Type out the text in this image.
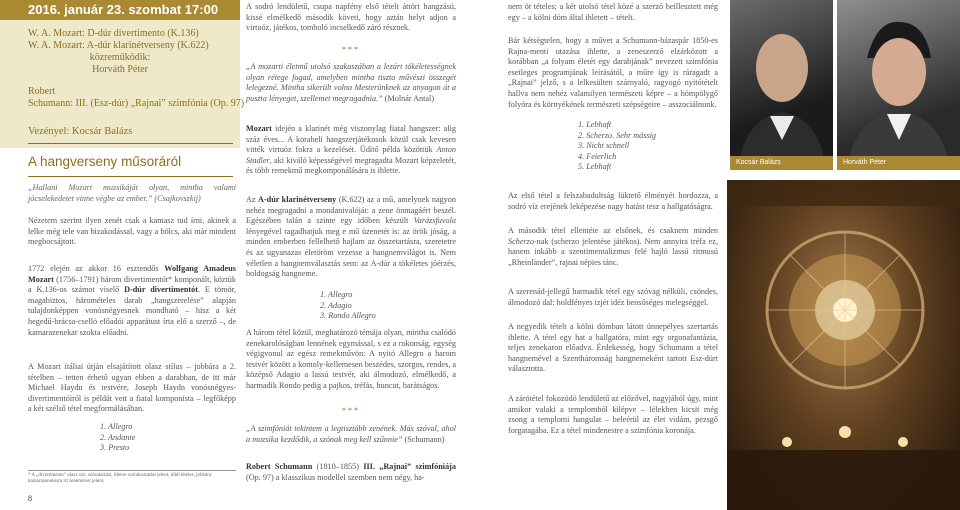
2016. január 23. szombat 17:00
W. A. Mozart: D-dúr divertimento (K.136)
W. A. Mozart: A-dúr klarinétverseny (K.622)
közreműködik:
Horváth Péter
Robert
Schumann: III. (Esz-dúr) „Rajnai” szimfónia (Op. 97)
Vezényel: Kocsár Balázs
A hangverseny műsoráról

„Hallani Mozart muzsikáját olyan, mintha valami jócselekedetet vinne végbe az ember.” (Csajkovszkij)

Nézetem szerint ilyen zenét csak a kamasz tud írni, akinek a lelke még tele van bizakodással, vagy a bölcs, aki már mindent megbocsájtott.

1772 elején az akkor 16 esztendős Wolfgang Amadeus Mozart (1756–1791) három divertimentót* komponált, köztük a K.136-os számot viselő D-dúr divertimentót. E tömör, magabiztos, háromételes darab „hangszerelése” alapján tulajdonképpen vonósnégyesnek mondható – hisz a két hegedű-brácsa-cselló előadói apparátust írta elő a szerző –, de kamarazenekar szokta előadni.

A Mozart itáliai útján elsajátított olasz stílus – jobbára a 2. tételben – tetten érhető ugyan ebben a darabban, de itt már Michael Haydn és testvére, Joseph Haydn vonósnégyes-divertimentóiról is példát vett a fiatal komponista – legfőképp a két szélső tétel megformálásában.

1. Allegro
2. Andante
3. Presto
* A „divertimento” olasz szó, szórakozást, illetve szórakoztatást jelent, több tételes, jobbára kamarazenekarra írt zeneművet jelent.
8

A sodró lendületű, csupa napfény első tételt áttört hangzású, kissé elmélkedő második követi, hogy aztán helyt adjon a virtuóz, játékos, tomboló incselkedő záró résznek.

***

„A mozarti életmű utolsó szakaszában a lezárt tökéletességnek olyan rétege fogad, amelyben mintha tiszta művészi összegét lelegezné. Mintha sikerült volna Mesterünknek az anyagon át a puszta lényeget, szellemet megragadnia.” (Molnár Antal)

Mozart idején a klarinét még viszonylag fiatal hangszer: alig száz éves... A korabeli hangszerjátékosok közül csak kevesen vitték virtuóz fokra a kezelését. Üdítő példa közöttük Anton Stadler, aki kiváló képességével megragadta Mozart képzeletét, és több remekmű megkomponálására is ihlette.

Az A-dúr klarinétverseny (K.622) az a mű, amelynek nagyon nehéz megragadni a mondanivalóját: a zene önmagáért beszél. Egészében talán a szinte egy időben készült Varázsfuvola lényegével ragadhatjuk meg e mű üzenetét is: az örök jóság, a minden emberben fellelhető hajlam az összetartásra, szeretetre és az ugyanazas életöröm vezesse a hangnemvilágot is. Nem véletlen a hangnemválasztás sem: az A-dúr a tökéletes jóérzés, boldogság hangneme.

1. Allegro
2. Adagio
3. Rondo Allegro

A három tétel közül, meghatározó témája olyan, mintha csalódó zenekarolóságban lennének egymással, s ez a rokonság, egység végigvonul az egész remekművön: A nyitó Allegro a harom testvér között a komoly-kellemesen beszédes, szorgos, rendes, a középső Adagio a lassú testvér, aki álmodozó, elmélkedő, a harmadik Rondo pedig a pajkos, tréfás, huncut, barátságos.

***

„A szimfóniát tekintem a legtisztább zenének. Más szóval, ahol a muzsika kezdődik, a szónak meg kell szűnnie” (Schumann)

Robert Schumann (1810–1855) III. „Rajnai” szimfóniája (Op. 97) a klasszikus modellel szemben nem négy, ha-

nem öt tételes; a két utolsó tétel közé a szerző beillesztett még egy – a kölni dóm által ihletett – tételt.

Bár kétségtelen, hogy a művet a Schumann-házaspár 1850-es Rajna-menti utazása ihlette, a zeneszerző elzárkózott a korábban „a folyam életét egy darabjának” nevezett szimfónia esetleges programjának leírásától, a műre így is ráragadt a „Rajnai” jelző, s a lelkesülten szárnyaló, ragyogó nyitótételt hallva nem nehéz valamilyen természeti képre – a hömpölygő folyóra és környékének természeti szépségeire – asszociálnunk.

1. Lebhaft
2. Scherzo. Sehr mässig
3. Nicht schnell
4. Feierlich
5. Lebhaft

Az első tétel a felszabadultság lüktető élményét hordozza, a sodró víz erejének leképezése nagy hatást tesz a hallgatóságra.

A második tétel ellentéte az elsőnek, és csaknem minden Scherzo-nak (scherzo jelentése játékos). Nem annyira tréfa ez, hanem inkább a szentimentalizmus felé hajló lassú ritmusú „Rheinländer”, rajnai népies tánc.

A szerenád-jellegű harmadik tétel egy szóvag nélküli, csöndes, álmodozó dal: holdfényes izjét idéz bensőséges melegséggel.

A negyedik tételt a kölni dómban látott ünnepélyes szertartás ihlette. A tétel egy hat a hallgatóra, mint egy orgonafantázia, teljes zenekaron előadva. Érdekesség, hogy Schumann a tétel hangnemével a Szentháromság hangnemeként tartott Esz-dúrt választotta.

A zárótétel fokozódó lendületű az előzővel, nagyjából úgy, mint amikor valaki a templomból kilépve – lélekben kicsit még zsong a templomi hangulat – beleérül az élet vidám, pezsgő forgatagába. Ez a tétel mindenestre a szimfónia koronája.

Kocsár Balázs	Horváth Péter
